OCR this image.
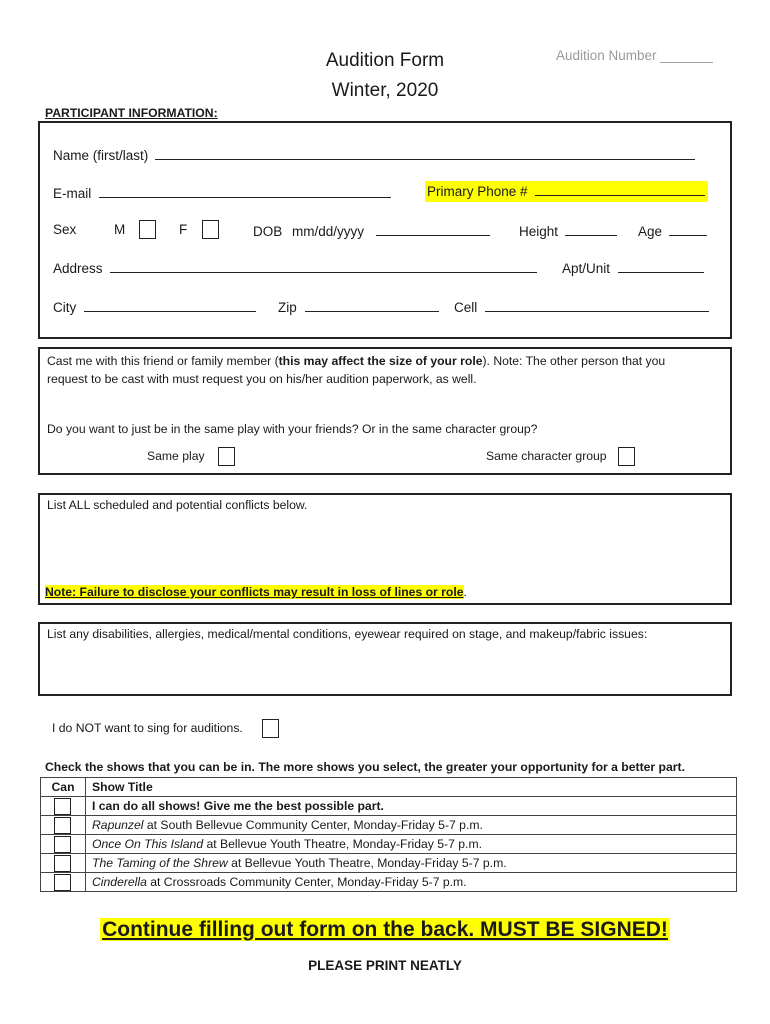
Audition Form
Winter, 2020
Audition Number _______
PARTICIPANT INFORMATION:
Name (first/last)
E-mail	Primary Phone #
Sex	M	F	DOB mm/dd/yyyy	Height	Age
Address	Apt/Unit
City	Zip	Cell
Cast me with this friend or family member (this may affect the size of your role). Note: The other person that you
request to be cast with must request you on his/her audition paperwork, as well.
Do you want to just be in the same play with your friends? Or in the same character group?
Same play	Same character group
List ALL scheduled and potential conflicts below.
Note: Failure to disclose your conflicts may result in loss of lines or role.
List any disabilities, allergies, medical/mental conditions, eyewear required on stage, and makeup/fabric issues:
I do NOT want to sing for auditions.
Check the shows that you can be in. The more shows you select, the greater your opportunity for a better part.
Can	Show Title

	I can do all shows! Give me the best possible part.

	Rapunzel at South Bellevue Community Center, Monday-Friday 5-7 p.m.

	Once On This Island at Bellevue Youth Theatre, Monday-Friday 5-7 p.m.

	The Taming of the Shrew at Bellevue Youth Theatre, Monday-Friday 5-7 p.m.

	Cinderella at Crossroads Community Center, Monday-Friday 5-7 p.m.
Continue filling out form on the back. MUST BE SIGNED!
PLEASE PRINT NEATLY
